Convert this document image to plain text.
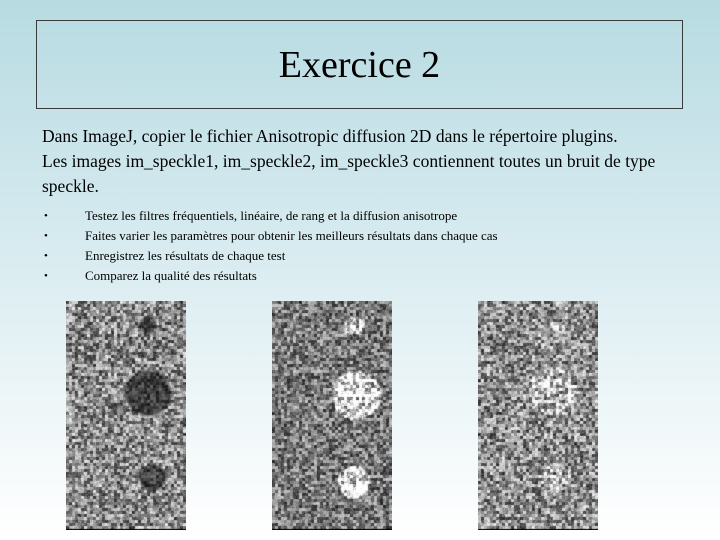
Exercice 2
Dans ImageJ, copier le fichier Anisotropic diffusion 2D dans le répertoire plugins.
Les images im_speckle1, im_speckle2, im_speckle3 contiennent toutes un bruit de type speckle.
•	Testez les filtres fréquentiels, linéaire, de rang et la diffusion anisotrope
•	Faites varier les paramètres pour obtenir les meilleurs résultats dans chaque cas
•	Enregistrez les résultats de chaque test
•	Comparez la qualité des résultats
